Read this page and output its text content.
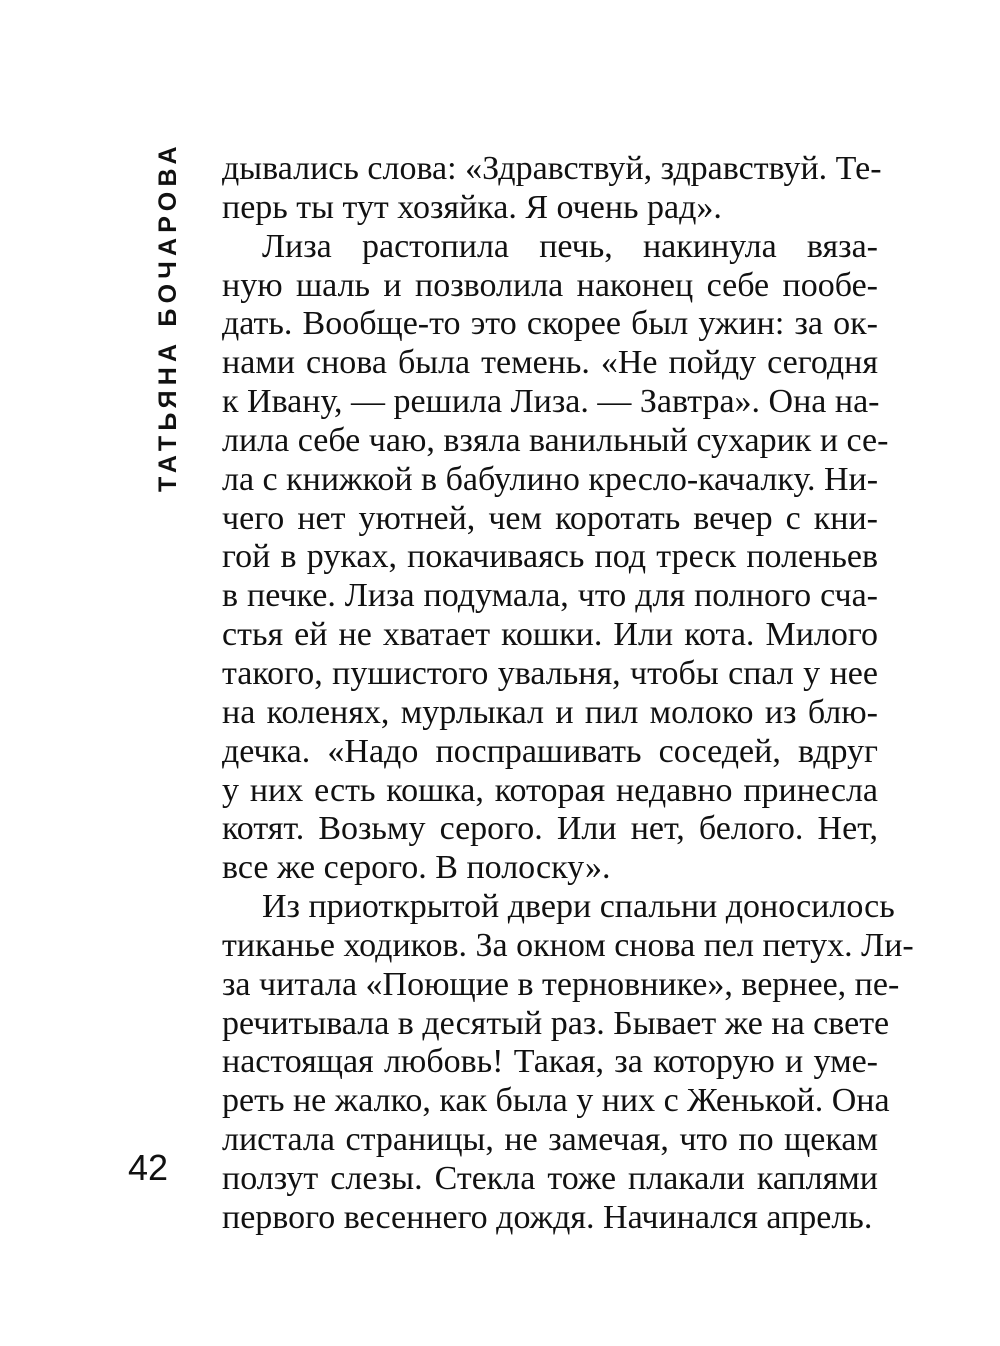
ТАТЬЯНА БОЧАРОВА дывались слова: «Здравствуй, здравствуй. Те-
перь ты тут хозяйка. Я очень рад».
Лиза растопила печь, накинула вяза-
ную шаль и позволила наконец себе пообе-
дать. Вообще-то это скорее был ужин: за ок-
нами снова была темень. «Не пойду сегодня
к Ивану, — решила Лиза. — Завтра». Она на-
лила себе чаю, взяла ванильный сухарик и се-
ла с книжкой в бабулино кресло-качалку. Ни-
чего нет уютней, чем коротать вечер с кни-
гой в руках, покачиваясь под треск поленьев
в печке. Лиза подумала, что для полного сча-
стья ей не хватает кошки. Или кота. Милого
такого, пушистого увальня, чтобы спал у нее
на коленях, мурлыкал и пил молоко из блю-
дечка. «Надо поспрашивать соседей, вдруг
у них есть кошка, которая недавно принесла
котят. Возьму серого. Или нет, белого. Нет,
все же серого. В полоску».
Из приоткрытой двери спальни доносилось
тиканье ходиков. За окном снова пел петух. Ли-
за читала «Поющие в терновнике», вернее, пе-
речитывала в десятый раз. Бывает же на свете
настоящая любовь! Такая, за которую и уме-
реть не жалко, как была у них с Женькой. Она
листала страницы, не замечая, что по щекам
ползут слезы. Стекла тоже плакали каплями
первого весеннего дождя. Начинался апрель.
42
